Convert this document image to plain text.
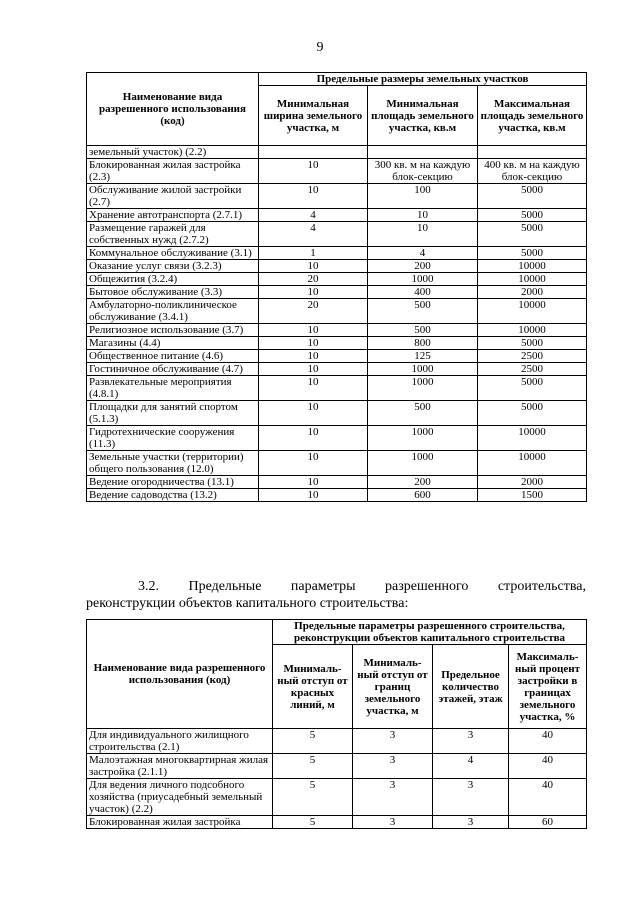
9
Наименование вида разрешенного использования (код)	Предельные размеры земельных участков		
	Минимальная ширина земельного участка, м	Минимальная площадь земельного участка, кв.м	Максимальная площадь земельного участка, кв.м
земельный участок) (2.2)			
Блокированная жилая застройка (2.3)	10	300 кв. м на каждую блок-секцию	400 кв. м на каждую блок-секцию
Обслуживание жилой застройки (2.7)	10	100	5000
Хранение автотранспорта (2.7.1)	4	10	5000
Размещение гаражей для собственных нужд (2.7.2)	4	10	5000
Коммунальное обслуживание (3.1)	1	4	5000
Оказание услуг связи (3.2.3)	10	200	10000
Общежития (3.2.4)	20	1000	10000
Бытовое обслуживание (3.3)	10	400	2000
Амбулаторно-поликлиническое обслуживание (3.4.1)	20	500	10000
Религиозное использование (3.7)	10	500	10000
Магазины (4.4)	10	800	5000
Общественное питание (4.6)	10	125	2500
Гостиничное обслуживание (4.7)	10	1000	2500
Развлекательные мероприятия (4.8.1)	10	1000	5000
Площадки для занятий спортом (5.1.3)	10	500	5000
Гидротехнические сооружения (11.3)	10	1000	10000
Земельные участки (территории) общего пользования (12.0)	10	1000	10000
Ведение огородничества (13.1)	10	200	2000
Ведение садоводства (13.2)	10	600	1500
3.2. Предельные параметры разрешенного строительства,
реконструкции объектов капитального строительства:
Наименование вида разрешенного использования (код)	Предельные параметры разрешенного строительства, реконструкции объектов капитального строительства			
	Минималь-ный отступ от красных линий, м	Минималь-ный отступ от границ земельного участка, м	Предельное количество этажей, этаж	Максималь-ный процент застройки в границах земельного участка, %
Для индивидуального жилищного строительства (2.1)	5	3	3	40
Малоэтажная многоквартирная жилая застройка (2.1.1)	5	3	4	40
Для ведения личного подсобного хозяйства (приусадебный земельный участок) (2.2)	5	3	3	40
Блокированная жилая застройка	5	3	3	60
